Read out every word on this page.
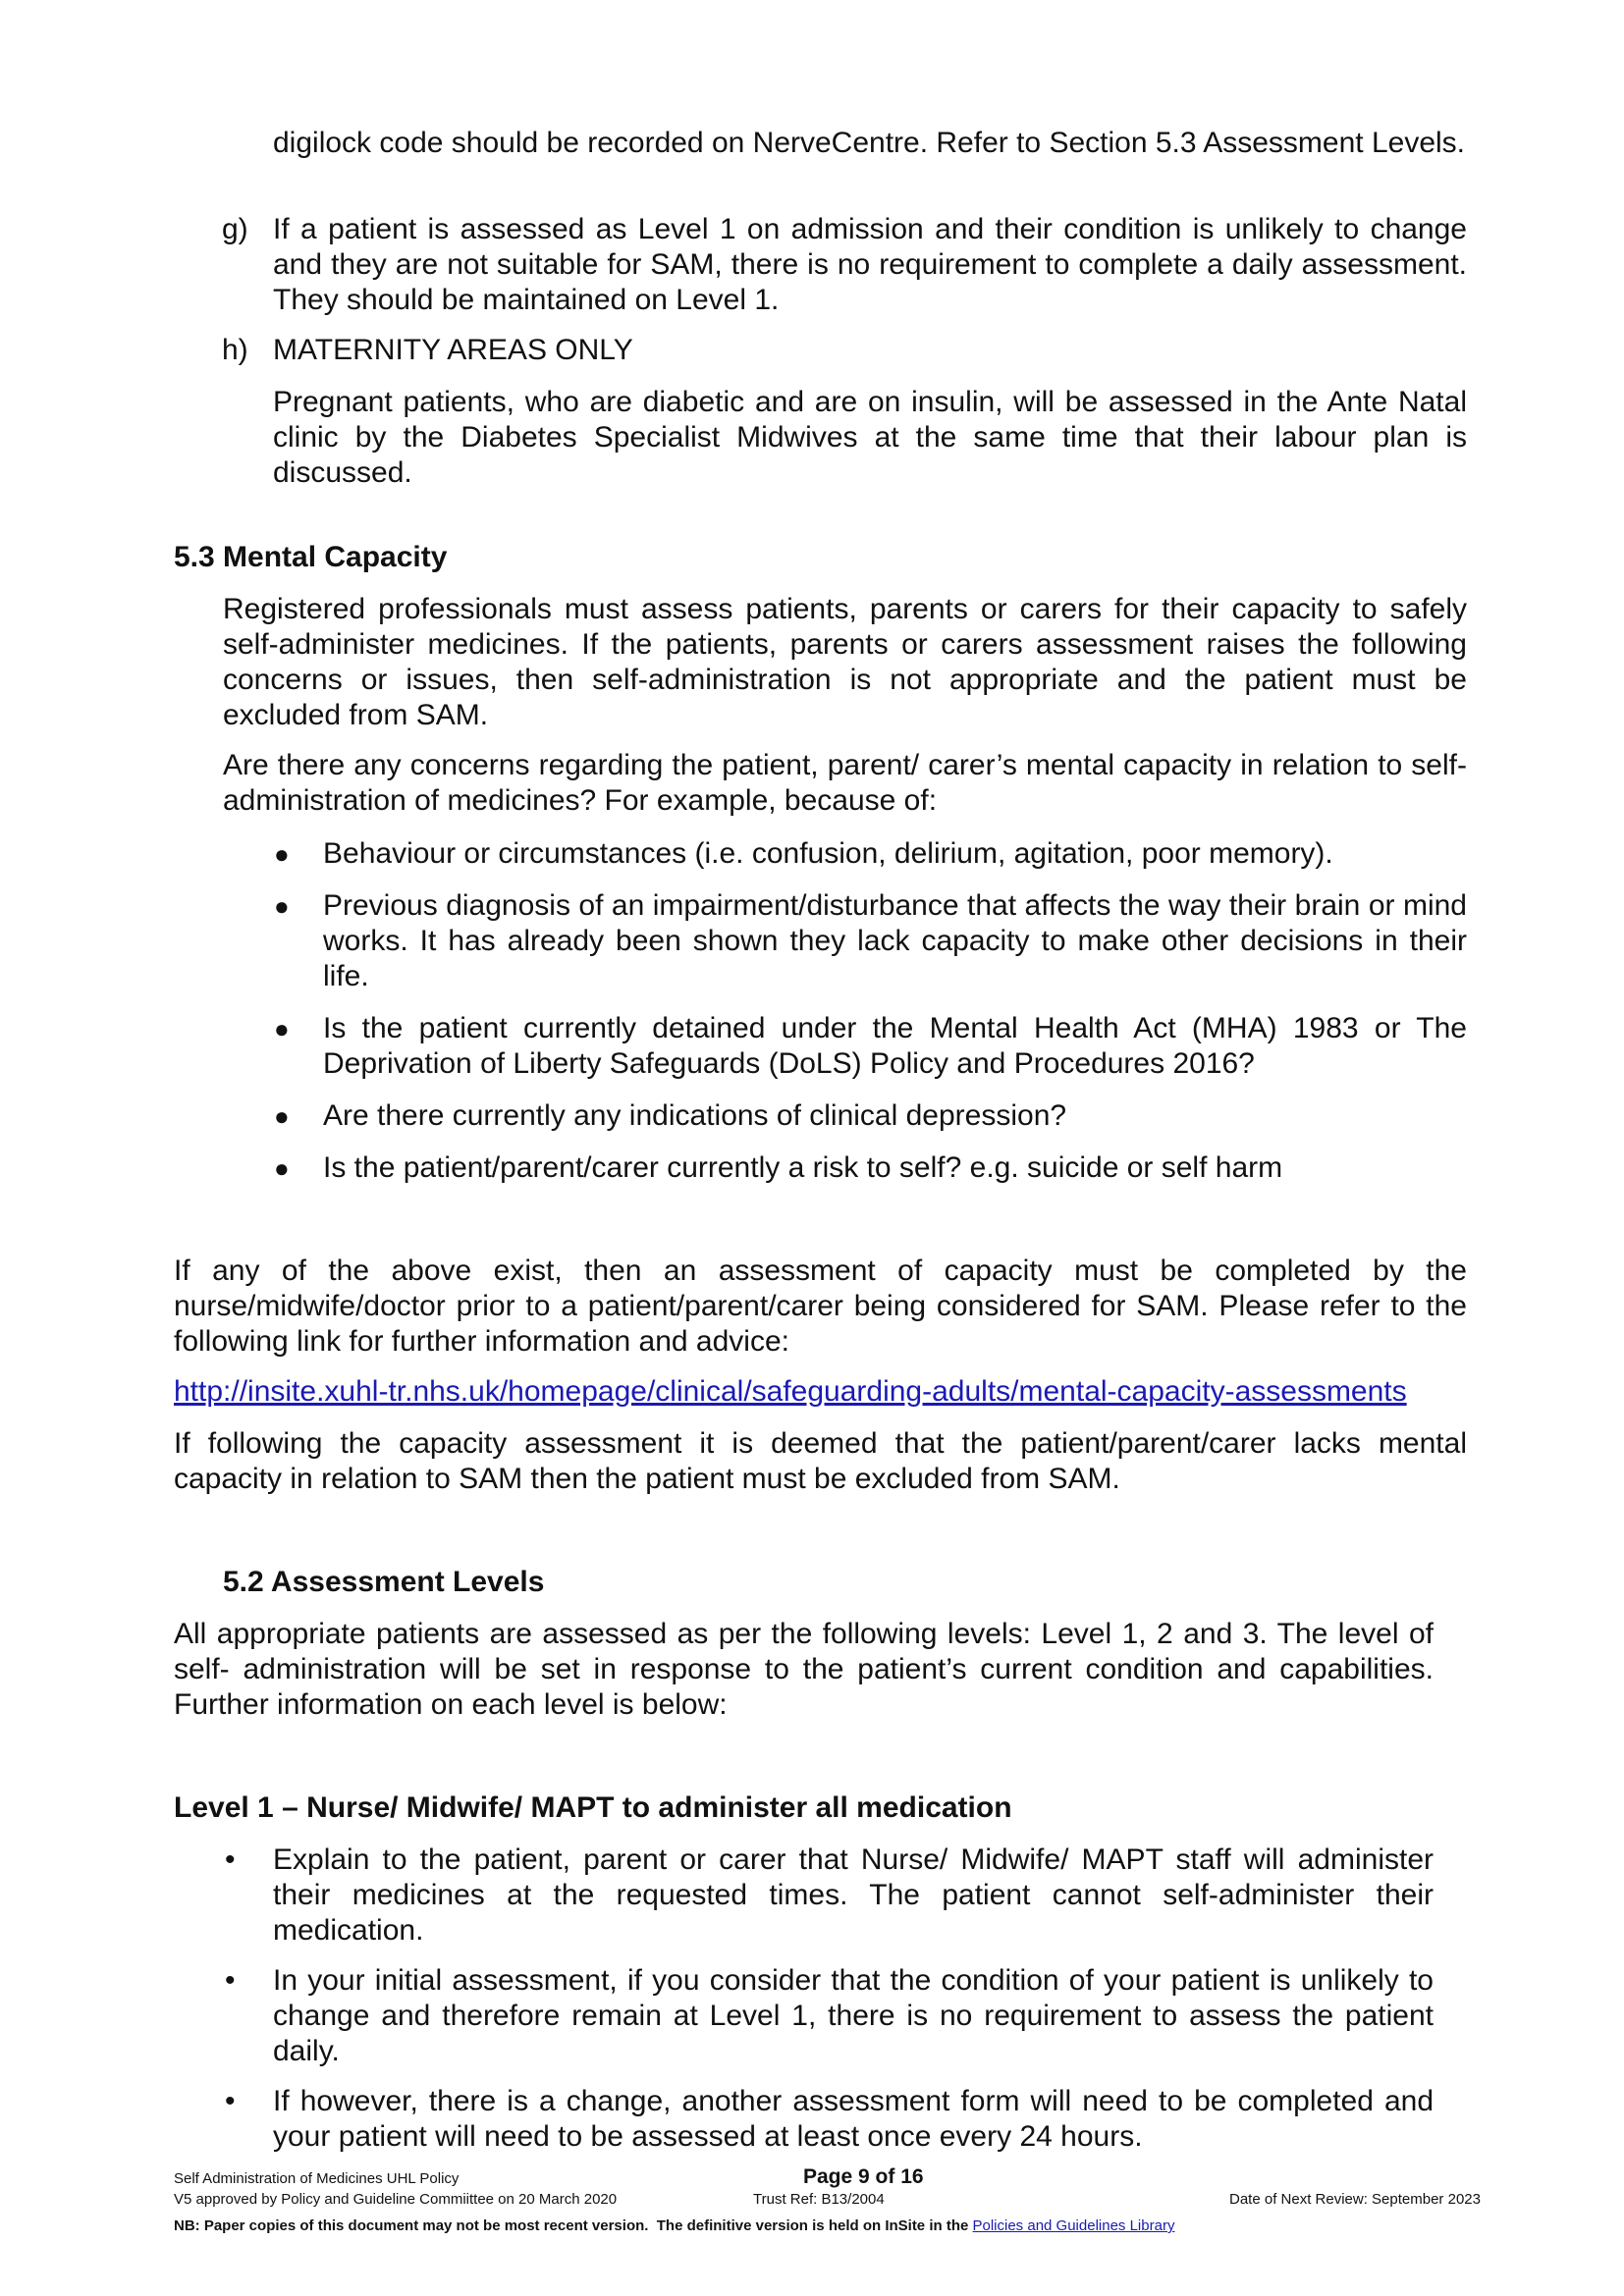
digilock code should be recorded on NerveCentre. Refer to Section 5.3 Assessment Levels.

g) If a patient is assessed as Level 1 on admission and their condition is unlikely to change and they are not suitable for SAM, there is no requirement to complete a daily assessment. They should be maintained on Level 1.

h) MATERNITY AREAS ONLY

Pregnant patients, who are diabetic and are on insulin, will be assessed in the Ante Natal clinic by the Diabetes Specialist Midwives at the same time that their labour plan is discussed.

5.3 Mental Capacity

Registered professionals must assess patients, parents or carers for their capacity to safely self-administer medicines. If the patients, parents or carers assessment raises the following concerns or issues, then self-administration is not appropriate and the patient must be excluded from SAM.

Are there any concerns regarding the patient, parent/ carer’s mental capacity in relation to self-administration of medicines? For example, because of:

● Behaviour or circumstances (i.e. confusion, delirium, agitation, poor memory).

● Previous diagnosis of an impairment/disturbance that affects the way their brain or mind works. It has already been shown they lack capacity to make other decisions in their life.

● Is the patient currently detained under the Mental Health Act (MHA) 1983 or The Deprivation of Liberty Safeguards (DoLS) Policy and Procedures 2016?

● Are there currently any indications of clinical depression?

● Is the patient/parent/carer currently a risk to self? e.g. suicide or self harm

If any of the above exist, then an assessment of capacity must be completed by the nurse/midwife/doctor prior to a patient/parent/carer being considered for SAM. Please refer to the following link for further information and advice:

http://insite.xuhl-tr.nhs.uk/homepage/clinical/safeguarding-adults/mental-capacity-assessments

If following the capacity assessment it is deemed that the patient/parent/carer lacks mental capacity in relation to SAM then the patient must be excluded from SAM.

5.2 Assessment Levels

All appropriate patients are assessed as per the following levels: Level 1, 2 and 3. The level of self- administration will be set in response to the patient’s current condition and capabilities. Further information on each level is below:

Level 1 – Nurse/ Midwife/ MAPT to administer all medication
• Explain to the patient, parent or carer that Nurse/ Midwife/ MAPT staff will administer their medicines at the requested times. The patient cannot self-administer their medication.

• In your initial assessment, if you consider that the condition of your patient is unlikely to change and therefore remain at Level 1, there is no requirement to assess the patient daily.

• If however, there is a change, another assessment form will need to be completed and your patient will need to be assessed at least once every 24 hours.

Self Administration of Medicines UHL Policy	Page 9 of 16
V5 approved by Policy and Guideline Commiittee on 20 March 2020	Trust Ref: B13/2004	Date of Next Review: September 2023
NB: Paper copies of this document may not be most recent version.  The definitive version is held on InSite in the Policies and Guidelines Library
